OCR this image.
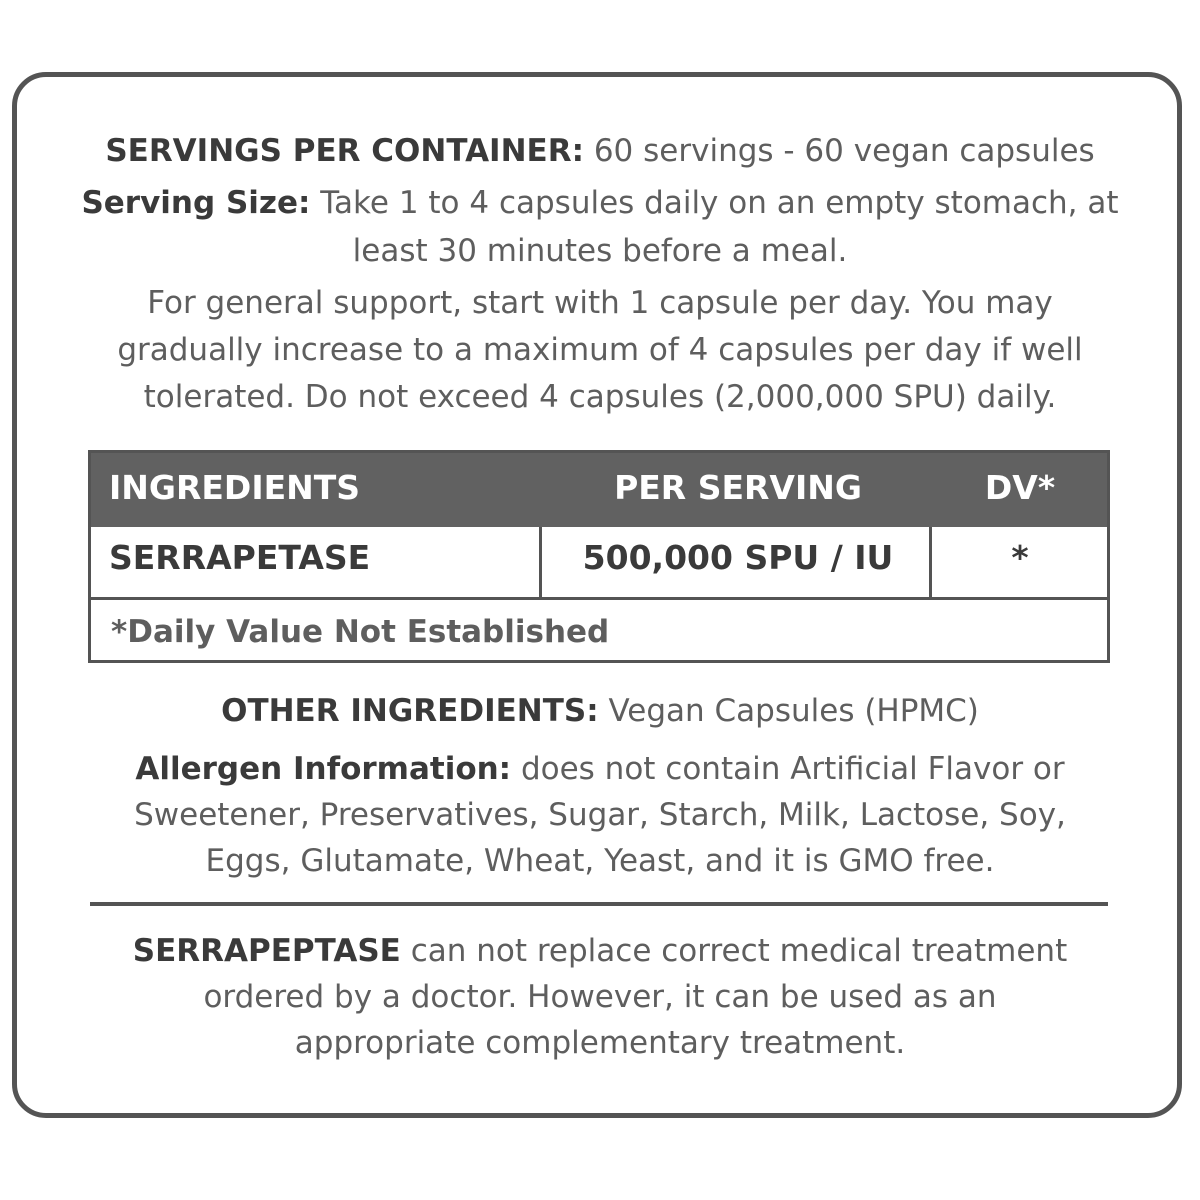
SERVINGS PER CONTAINER: 60 servings - 60 vegan capsules
Serving Size: Take 1 to 4 capsules daily on an empty stomach, at
least 30 minutes before a meal.
For general support, start with 1 capsule per day. You may
gradually increase to a maximum of 4 capsules per day if well
tolerated. Do not exceed 4 capsules (2,000,000 SPU) daily.
INGREDIENTS	PER SERVING	DV*
SERRAPETASE	500,000 SPU / IU	*
*Daily Value Not Established
OTHER INGREDIENTS: Vegan Capsules (HPMC)
Allergen Information: does not contain Artificial Flavor or
Sweetener, Preservatives, Sugar, Starch, Milk, Lactose, Soy,
Eggs, Glutamate, Wheat, Yeast, and it is GMO free.
SERRAPEPTASE can not replace correct medical treatment
ordered by a doctor. However, it can be used as an
appropriate complementary treatment.
